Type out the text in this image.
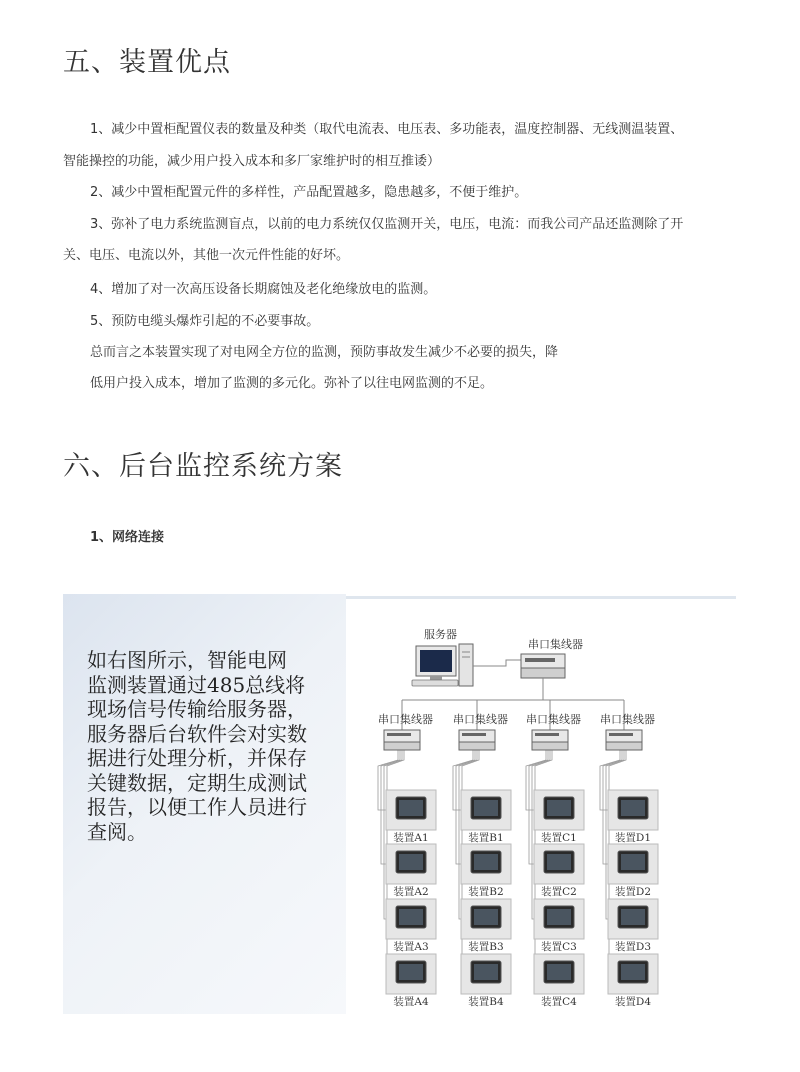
五、装置优点
1、减少中置柜配置仪表的数量及种类（取代电流表、电压表、多功能表，温度控制器、无线测温装置、
智能操控的功能，减少用户投入成本和多厂家维护时的相互推诿）
2、减少中置柜配置元件的多样性，产品配置越多，隐患越多，不便于维护。
3、弥补了电力系统监测盲点，以前的电力系统仅仅监测开关，电压，电流：而我公司产品还监测除了开
关、电压、电流以外，其他一次元件性能的好坏。
4、增加了对一次高压设备长期腐蚀及老化绝缘放电的监测。
5、预防电缆头爆炸引起的不必要事故。
总而言之本装置实现了对电网全方位的监测，预防事故发生减少不必要的损失，降
低用户投入成本，增加了监测的多元化。弥补了以往电网监测的不足。
六、后台监控系统方案
1、网络连接
如右图所示，智能电网
监测装置通过485总线将
现场信号传输给服务器，
服务器后台软件会对实数
据进行处理分析，并保存
关键数据，定期生成测试
报告，以便工作人员进行
查阅。
服务器
串口集线器
串口集线器 串口集线器 串口集线器 串口集线器
装置A1
装置A2
装置A3
装置A4
装置B1
装置B2
装置B3
装置B4
装置C1
装置C2
装置C3
装置C4
装置D1
装置D2
装置D3
装置D4
